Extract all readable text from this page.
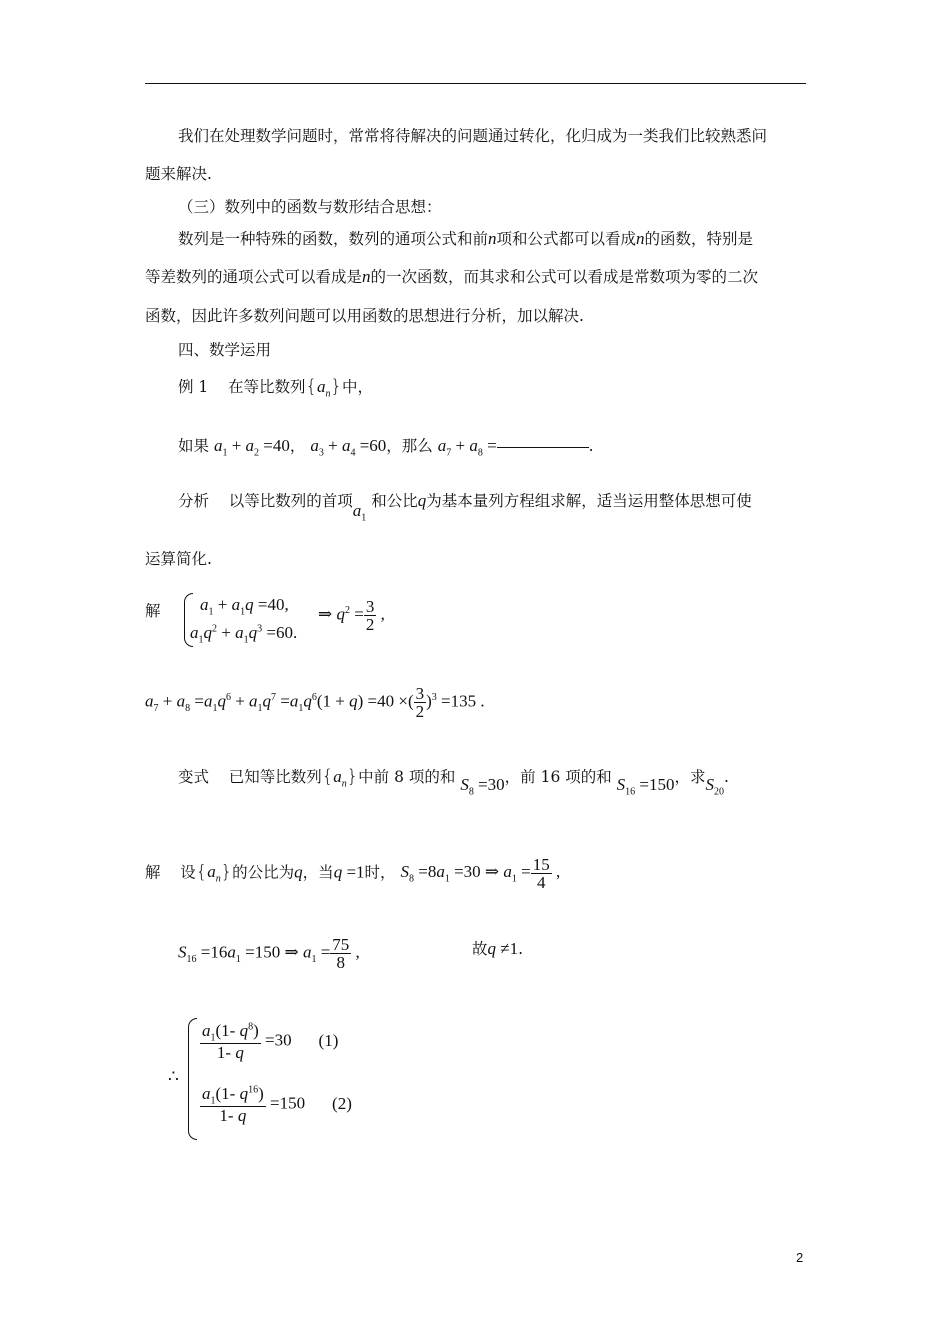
我们在处理数学问题时，常常将待解决的问题通过转化，化归成为一类我们比较熟悉问
题来解决.
（三）数列中的函数与数形结合思想：
数列是一种特殊的函数，数列的通项公式和前n项和公式都可以看成n的函数，特别是
等差数列的通项公式可以看成是n的一次函数，而其求和公式可以看成是常数项为零的二次
函数，因此许多数列问题可以用函数的思想进行分析，加以解决.
四、数学运用
例 1 在等比数列$\{a_n\}$中，
如果 $a_1 + a_2 =40$， $a_3 + a_4 =60$，那么 $a_7 + a_8$ =	.
分析 以等比数列的首项$a_1$ 和公比q为基本量列方程组求解，适当运用整体思想可使
运算简化.
解 $a_1 + a_1q =40$,
$a_1q^2 + a_1q^3 =60$.
⇒ $q^2 = \frac{3}{2}$ ,
$a_7 + a_8 =a_1q^6 + a_1q^7 =a_1q^6(1 + q) =40$ ×( $\frac{3}{2} )^3 =135$ .
变式 已知等比数列$\{a_n\}$中前 8 项的和 $S_8 =30$，前 16 项的和 $S_{16} =150$，求$S_{20}$.
解 设$\{a_n\}$的公比为q，当q =1时， $S_8 =8a_1 =30$ ⇒ $a_1 = \frac{15}{4}$ ,
$S_{16} =16a_1 =150$ ⇒ $a_1 = \frac{75}{8}$ ,	故q ≠1.
∴
$\frac{a_1(1- q^8)}{1- q} =30$ (1)
$\frac{a_1(1- q^{16})}{1- q} =150$ (2)
2
